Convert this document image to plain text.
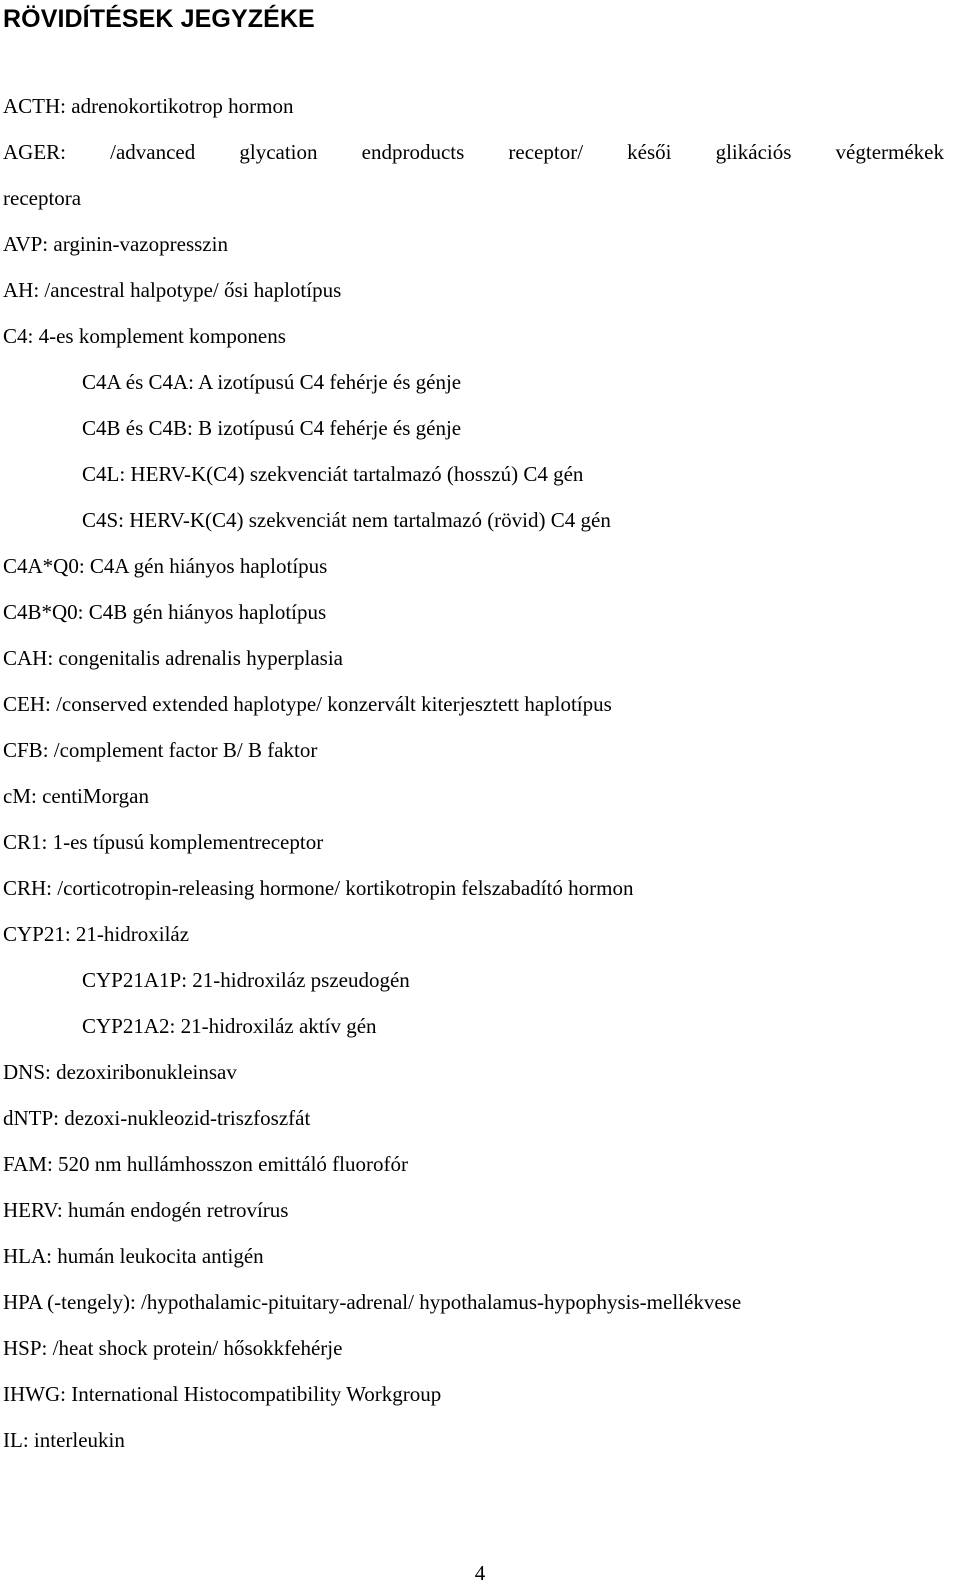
RÖVIDÍTÉSEK JEGYZÉKE
ACTH: adrenokortikotrop hormon
AGER: /advanced glycation endproducts receptor/ késői glikációs végtermékek
receptora
AVP: arginin-vazopresszin
AH: /ancestral halpotype/ ősi haplotípus
C4: 4-es komplement komponens
C4A és C4A: A izotípusú C4 fehérje és génje
C4B és C4B: B izotípusú C4 fehérje és génje
C4L: HERV-K(C4) szekvenciát tartalmazó (hosszú) C4 gén
C4S: HERV-K(C4) szekvenciát nem tartalmazó (rövid) C4 gén
C4A*Q0: C4A gén hiányos haplotípus
C4B*Q0: C4B gén hiányos haplotípus
CAH: congenitalis adrenalis hyperplasia
CEH: /conserved extended haplotype/ konzervált kiterjesztett haplotípus
CFB: /complement factor B/ B faktor
cM: centiMorgan
CR1: 1-es típusú komplementreceptor
CRH: /corticotropin-releasing hormone/ kortikotropin felszabadító hormon
CYP21: 21-hidroxiláz
CYP21A1P: 21-hidroxiláz pszeudogén
CYP21A2: 21-hidroxiláz aktív gén
DNS: dezoxiribonukleinsav
dNTP: dezoxi-nukleozid-triszfoszfát
FAM: 520 nm hullámhosszon emittáló fluorofór
HERV: humán endogén retrovírus
HLA: humán leukocita antigén
HPA (-tengely): /hypothalamic-pituitary-adrenal/ hypothalamus-hypophysis-mellékvese
HSP: /heat shock protein/ hősokkfehérje
IHWG: International Histocompatibility Workgroup
IL: interleukin
4
